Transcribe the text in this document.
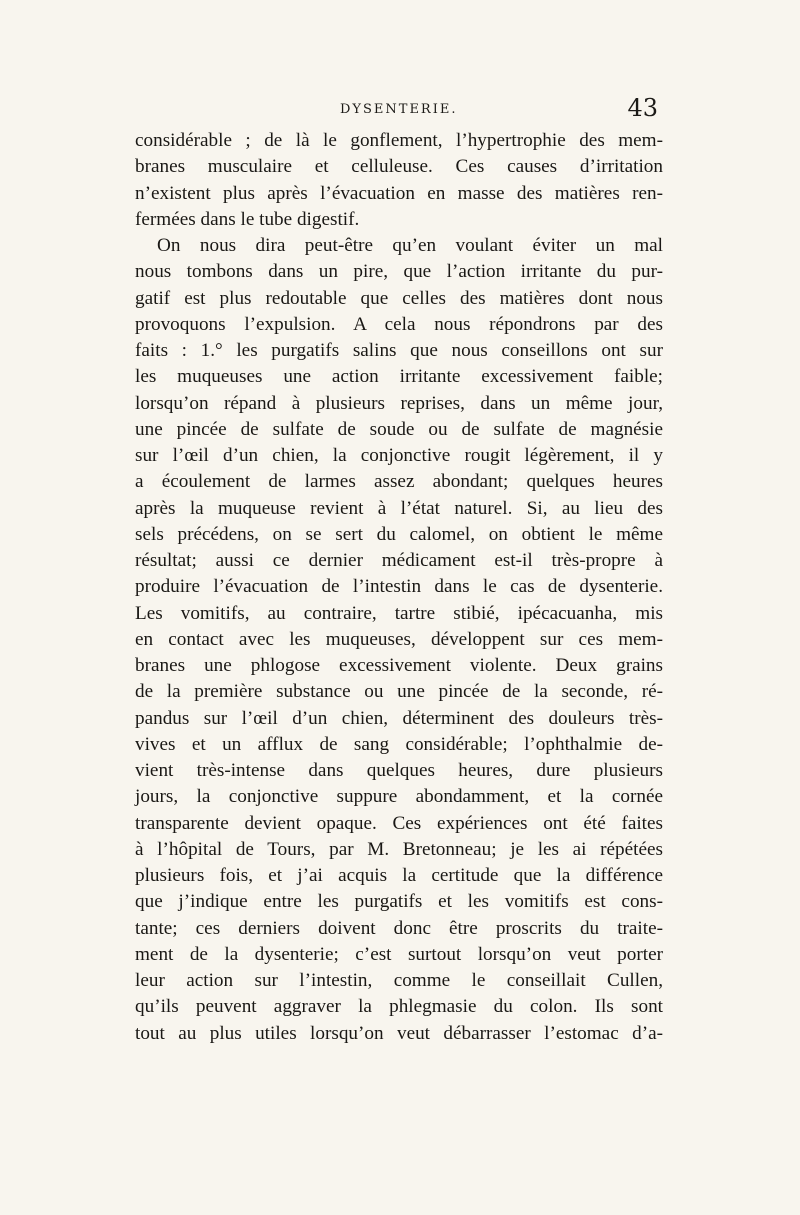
DYSENTERIE.	43
considérable ; de là le gonflement, l’hypertrophie des mem-
branes musculaire et celluleuse. Ces causes d’irritation
n’existent plus après l’évacuation en masse des matières ren-
fermées dans le tube digestif.
On nous dira peut-être qu’en voulant éviter un mal
nous tombons dans un pire, que l’action irritante du pur-
gatif est plus redoutable que celles des matières dont nous
provoquons l’expulsion. A cela nous répondrons par des
faits : 1.° les purgatifs salins que nous conseillons ont sur
les muqueuses une action irritante excessivement faible;
lorsqu’on répand à plusieurs reprises, dans un même jour,
une pincée de sulfate de soude ou de sulfate de magnésie
sur l’œil d’un chien, la conjonctive rougit légèrement, il y
a écoulement de larmes assez abondant; quelques heures
après la muqueuse revient à l’état naturel. Si, au lieu des
sels précédens, on se sert du calomel, on obtient le même
résultat; aussi ce dernier médicament est-il très-propre à
produire l’évacuation de l’intestin dans le cas de dysenterie.
Les vomitifs, au contraire, tartre stibié, ipécacuanha, mis
en contact avec les muqueuses, développent sur ces mem-
branes une phlogose excessivement violente. Deux grains
de la première substance ou une pincée de la seconde, ré-
pandus sur l’œil d’un chien, déterminent des douleurs très-
vives et un afflux de sang considérable; l’ophthalmie de-
vient très-intense dans quelques heures, dure plusieurs
jours, la conjonctive suppure abondamment, et la cornée
transparente devient opaque. Ces expériences ont été faites
à l’hôpital de Tours, par M. Bretonneau; je les ai répétées
plusieurs fois, et j’ai acquis la certitude que la différence
que j’indique entre les purgatifs et les vomitifs est cons-
tante; ces derniers doivent donc être proscrits du traite-
ment de la dysenterie; c’est surtout lorsqu’on veut porter
leur action sur l’intestin, comme le conseillait Cullen,
qu’ils peuvent aggraver la phlegmasie du colon. Ils sont
tout au plus utiles lorsqu’on veut débarrasser l’estomac d’a-
